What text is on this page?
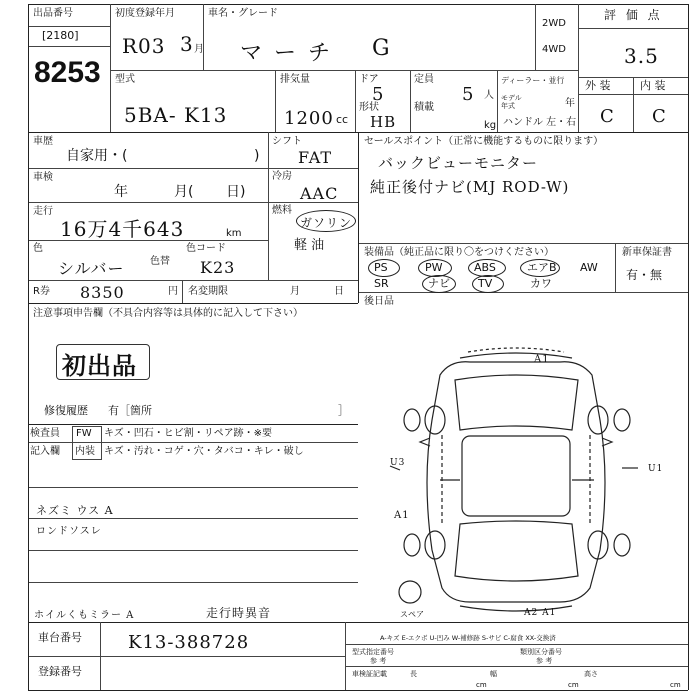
出品番号
[2180]
8253
初度登録年月
R03 3 月
車名・グレード
マーチ G
2WD
4WD
評 価 点
3.5
外 装	内 装
C C
型式
5BA- K13
排気量
1200 cc
ドア
5
形状
HB
定員
5 人
積載
kg
ディーラー・並行
モデル年式	年
ハンドル 左・右
車歴
自家用・(	)
シフト
FAT
車検
年	月( 日)
冷房
AAC
走行
16万4千643	km
燃料
ガソリン
軽 油
色
シルバー	色替
色コード
K23
R券 8350	円 名変期限	月	日
セールスポイント（正常に機能するものに限ります）
バックビューモニター
純正後付ナビ(MJ ROD-W)
装備品（純正品に限り〇をつけください）	新車保証書
有・無
PS	PW	ABS	エアB AW
SR	ナビ	TV	カワ
後日品
注意事項申告欄（不具合内容等は具体的に記入して下さい）
初出品
修復履歴 有［箇所	］
検査員
記入欄
FW キズ・凹石・ヒビ割・リペア跡・※要
内装 キズ・汚れ・コゲ・穴・タバコ・キレ・破し
ネズミ ウス A
ロンドソスレ
ホイルくもミラー A	走行時異音
A1
U3
A1
U1
A2 A1
スペア
A-キズ E-エクボ U-凹み W-補修跡 S-サビ C-腐食 XX-交換済
車台番号	K13-388728
登録番号
型式指定番号
参 考
類別区分番号
参 考
車検証記載	長	幅	高さ
cm	cm	cm
